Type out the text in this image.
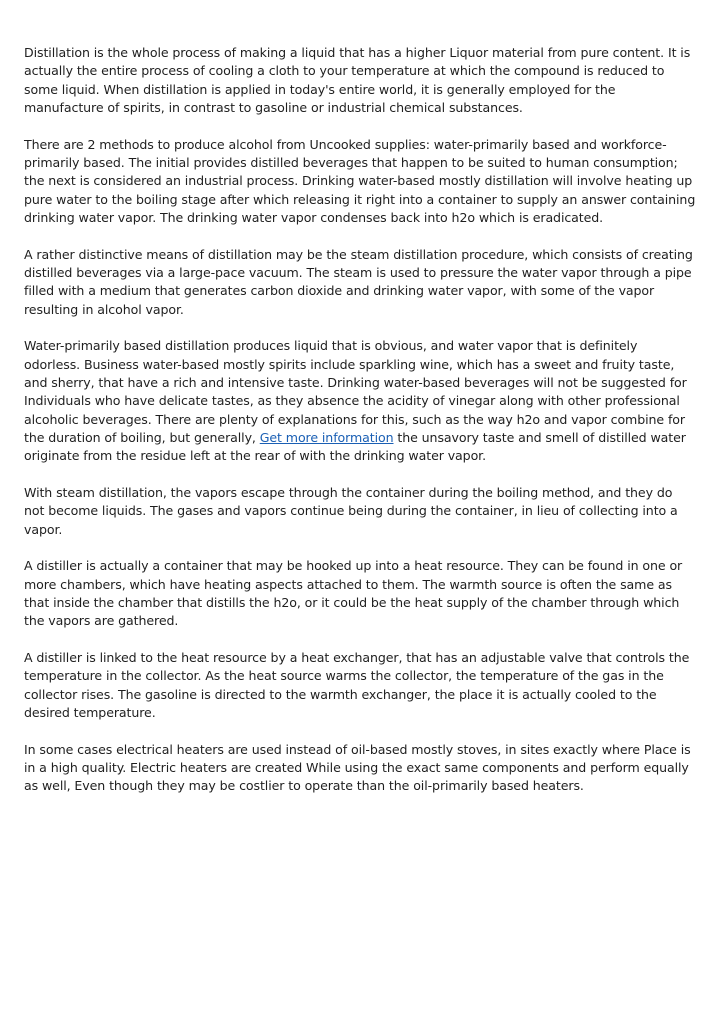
Distillation is the whole process of making a liquid that has a higher Liquor material from pure content. It is actually the entire process of cooling a cloth to your temperature at which the compound is reduced to some liquid. When distillation is applied in today's entire world, it is generally employed for the manufacture of spirits, in contrast to gasoline or industrial chemical substances.

There are 2 methods to produce alcohol from Uncooked supplies: water-primarily based and workforce-primarily based. The initial provides distilled beverages that happen to be suited to human consumption; the next is considered an industrial process. Drinking water-based mostly distillation will involve heating up pure water to the boiling stage after which releasing it right into a container to supply an answer containing drinking water vapor. The drinking water vapor condenses back into h2o which is eradicated.

A rather distinctive means of distillation may be the steam distillation procedure, which consists of creating distilled beverages via a large-pace vacuum. The steam is used to pressure the water vapor through a pipe filled with a medium that generates carbon dioxide and drinking water vapor, with some of the vapor resulting in alcohol vapor.

Water-primarily based distillation produces liquid that is obvious, and water vapor that is definitely odorless. Business water-based mostly spirits include sparkling wine, which has a sweet and fruity taste, and sherry, that have a rich and intensive taste. Drinking water-based beverages will not be suggested for Individuals who have delicate tastes, as they absence the acidity of vinegar along with other professional alcoholic beverages. There are plenty of explanations for this, such as the way h2o and vapor combine for the duration of boiling, but generally, Get more information the unsavory taste and smell of distilled water originate from the residue left at the rear of with the drinking water vapor.

With steam distillation, the vapors escape through the container during the boiling method, and they do not become liquids. The gases and vapors continue being during the container, in lieu of collecting into a vapor.

A distiller is actually a container that may be hooked up into a heat resource. They can be found in one or more chambers, which have heating aspects attached to them. The warmth source is often the same as that inside the chamber that distills the h2o, or it could be the heat supply of the chamber through which the vapors are gathered.

A distiller is linked to the heat resource by a heat exchanger, that has an adjustable valve that controls the temperature in the collector. As the heat source warms the collector, the temperature of the gas in the collector rises. The gasoline is directed to the warmth exchanger, the place it is actually cooled to the desired temperature.

In some cases electrical heaters are used instead of oil-based mostly stoves, in sites exactly where Place is in a high quality. Electric heaters are created While using the exact same components and perform equally as well, Even though they may be costlier to operate than the oil-primarily based heaters.
